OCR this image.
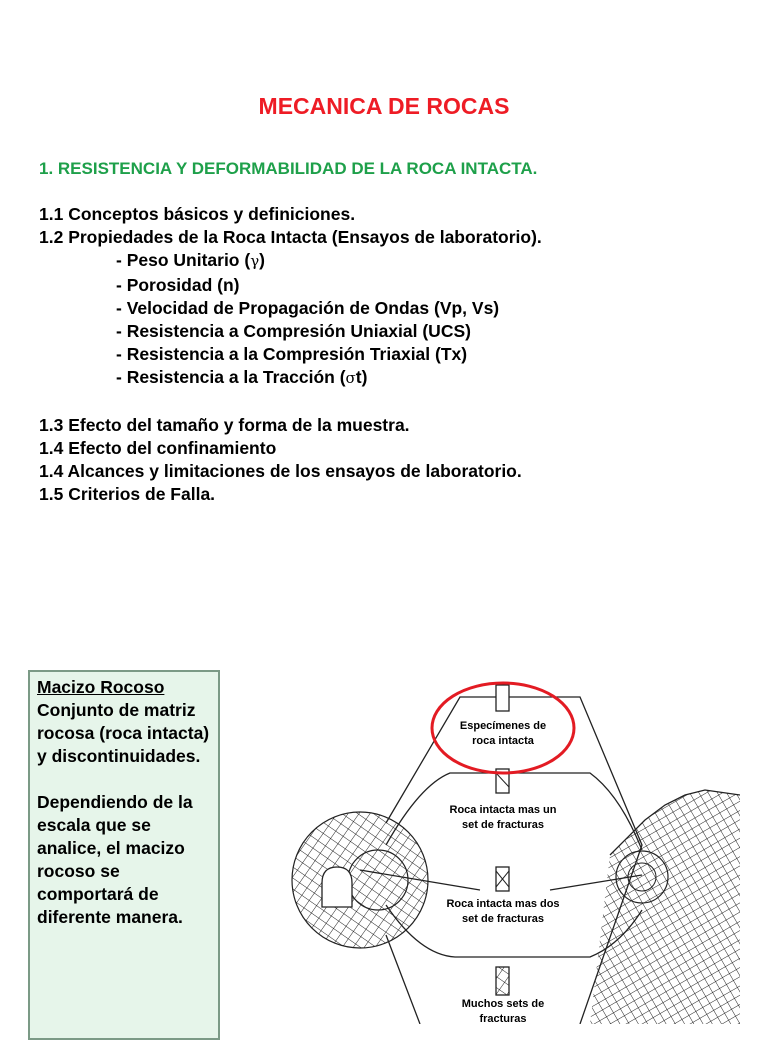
MECANICA DE ROCAS
1. RESISTENCIA Y DEFORMABILIDAD DE LA ROCA INTACTA.
1.1 Conceptos básicos y definiciones.
1.2 Propiedades de la Roca Intacta (Ensayos de laboratorio).
- Peso Unitario (γ)
- Porosidad (n)
- Velocidad de Propagación de Ondas (Vp, Vs)
- Resistencia a Compresión Uniaxial (UCS)
- Resistencia a la Compresión Triaxial (Tx)
- Resistencia a la Tracción (σt)
1.3 Efecto del tamaño y forma de la muestra.
1.4 Efecto del confinamiento
1.4 Alcances y limitaciones de los ensayos de laboratorio.
1.5 Criterios de Falla.

Macizo Rocoso
Conjunto de matriz rocosa (roca intacta) y discontinuidades.

Dependiendo de la escala que se analice, el macizo rocoso se comportará de diferente manera.

Especímenes de
roca intacta
Roca intacta mas un
set de fracturas
Roca intacta mas dos
set de fracturas
Muchos sets de
fracturas
